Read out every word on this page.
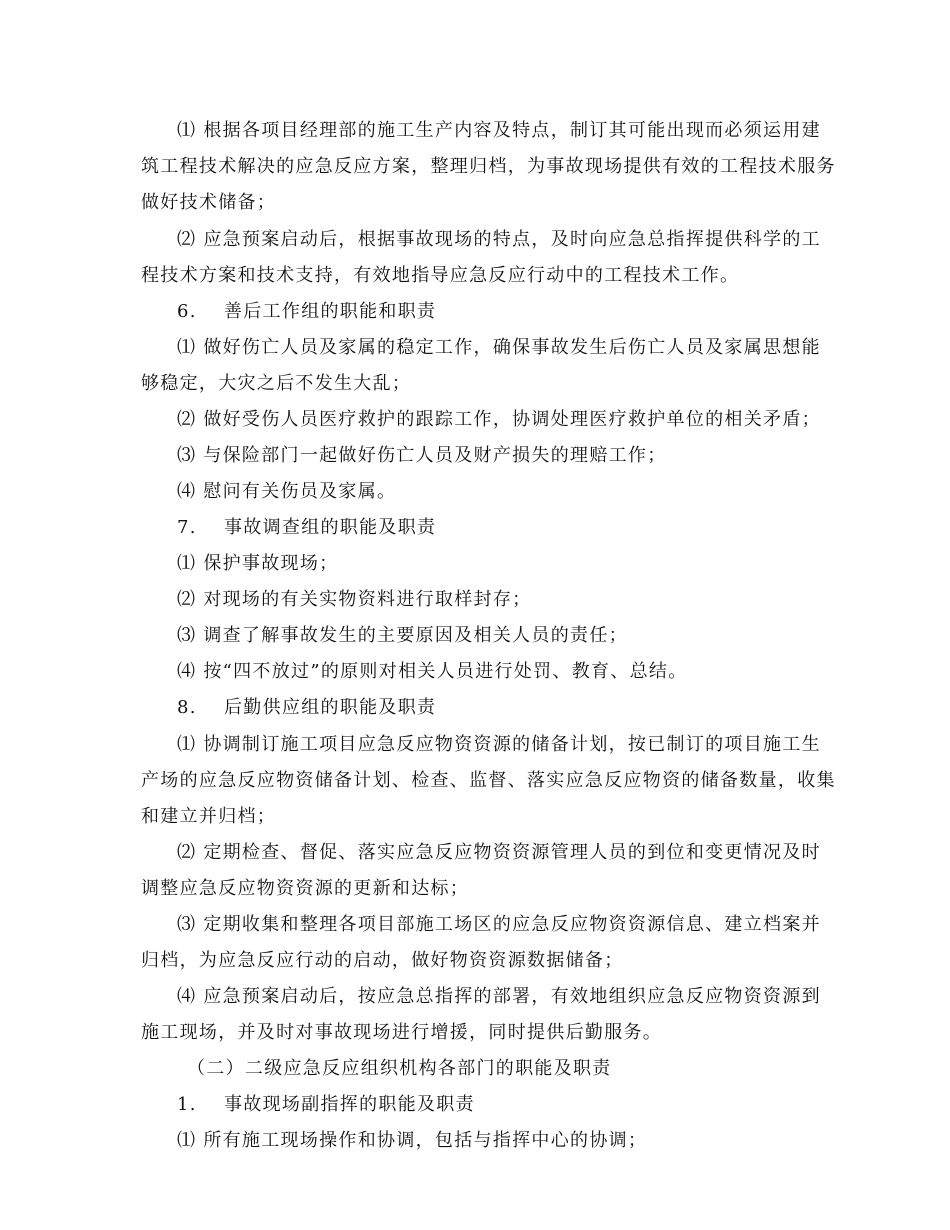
⑴ 根据各项目经理部的施工生产内容及特点，制订其可能出现而必须运用建
筑工程技术解决的应急反应方案，整理归档，为事故现场提供有效的工程技术服务
做好技术储备；
⑵ 应急预案启动后，根据事故现场的特点，及时向应急总指挥提供科学的工
程技术方案和技术支持，有效地指导应急反应行动中的工程技术工作。
6. 善后工作组的职能和职责
⑴ 做好伤亡人员及家属的稳定工作，确保事故发生后伤亡人员及家属思想能
够稳定，大灾之后不发生大乱；
⑵ 做好受伤人员医疗救护的跟踪工作，协调处理医疗救护单位的相关矛盾；
⑶ 与保险部门一起做好伤亡人员及财产损失的理赔工作；
⑷ 慰问有关伤员及家属。
7. 事故调查组的职能及职责
⑴ 保护事故现场；
⑵ 对现场的有关实物资料进行取样封存；
⑶ 调查了解事故发生的主要原因及相关人员的责任；
⑷ 按“四不放过”的原则对相关人员进行处罚、教育、总结。
8. 后勤供应组的职能及职责
⑴ 协调制订施工项目应急反应物资资源的储备计划，按已制订的项目施工生
产场的应急反应物资储备计划、检查、监督、落实应急反应物资的储备数量，收集
和建立并归档；
⑵ 定期检查、督促、落实应急反应物资资源管理人员的到位和变更情况及时
调整应急反应物资资源的更新和达标；
⑶ 定期收集和整理各项目部施工场区的应急反应物资资源信息、建立档案并
归档，为应急反应行动的启动，做好物资资源数据储备；
⑷ 应急预案启动后，按应急总指挥的部署，有效地组织应急反应物资资源到
施工现场，并及时对事故现场进行增援，同时提供后勤服务。
（二）二级应急反应组织机构各部门的职能及职责
1. 事故现场副指挥的职能及职责
⑴ 所有施工现场操作和协调，包括与指挥中心的协调；
